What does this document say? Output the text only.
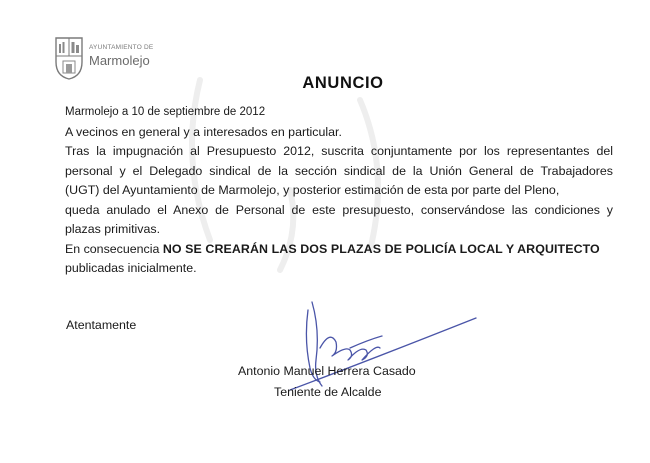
AYUNTAMIENTO DE
Marmolejo
ANUNCIO

Marmolejo a 10 de septiembre de 2012

A vecinos en general y a interesados en particular.

Tras la impugnación al Presupuesto 2012, suscrita conjuntamente por los representantes del

personal y el Delegado sindical de la sección sindical de la Unión General de Trabajadores

(UGT) del Ayuntamiento de Marmolejo, y posterior estimación de esta por parte del Pleno,

queda anulado el Anexo de Personal de este presupuesto, conservándose las condiciones y

plazas primitivas.

En consecuencia NO SE CREARÁN LAS DOS PLAZAS DE POLICÍA LOCAL Y ARQUITECTO

publicadas inicialmente.

Atentamente
Antonio Manuel Herrera Casado
Teniente de Alcalde
